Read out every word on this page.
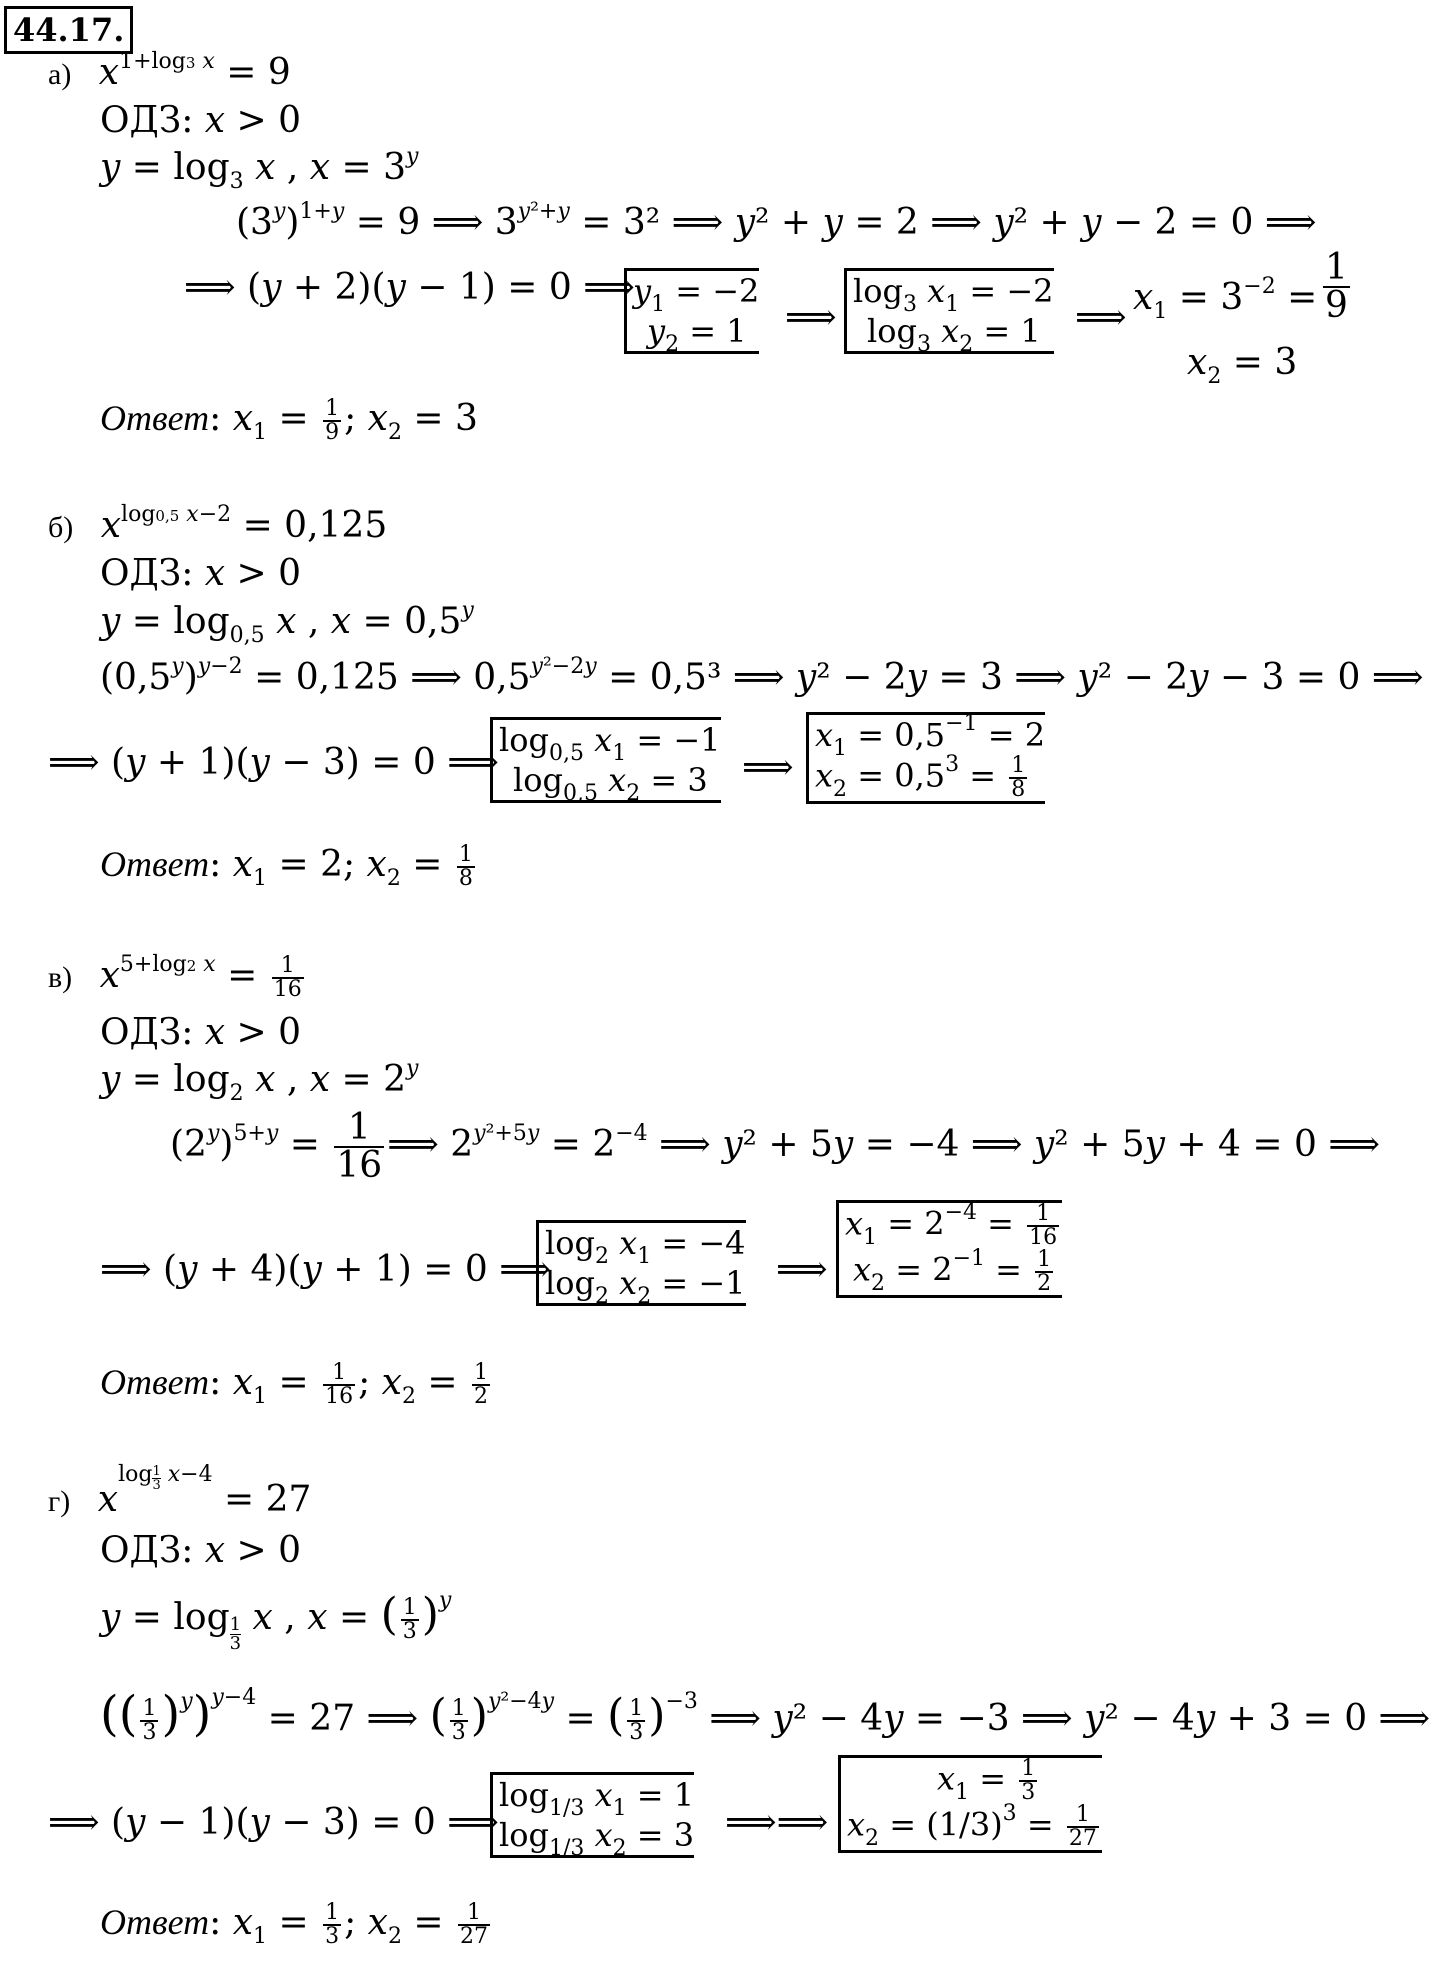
44.17.
а) $x^{1+log3 x} = 9$
ОДЗ: x > 0
$y = \log_3 x$ , $x = 3^y$
$(3^y)^{1+y} = 9$ ⟹ $3^{y^2+y} = 3^2$ ⟹ y² + y = 2 ⟹ y² + y − 2 = 0 ⟹
⟹ (y + 2)(y − 1) = 0 ⟹
$y_1 = -2$
$y_2 = 1$	⟹
$\log_3 x_1 = -2$
$\log_3 x_2 = 1$ ⟹ $x_1 = 3^{-2} = \frac{1}{9}$
$x_2 = 3$
Ответ: $x_1 = \frac{1}{9}$ ; $x_2 = 3$
б) $x^{log0,5 x-2} = 0,125$
ОДЗ: x > 0
$y = \log_{0,5} x$ , $x = 0,5^y$
$(0,5^y)^{y-2} = 0,125$ ⟹ $0,5^{y^2-2y} = 0,5^3$ ⟹ y² − 2y = 3 ⟹ y² − 2y − 3 = 0 ⟹
⟹ (y + 1)(y − 3) = 0 ⟹
$\log_{0,5} x_1 = -1$
$\log_{0,5} x_2 = 3$ ⟹
$x_1 = 0,5^{-1} = 2$
$x_2 = 0,5^3 = \frac{1}{8}$
Ответ: $x_1 = 2$; $x_2 = \frac{1}{8}$
в) $x^{5+log2 x} = \frac{1}{16}$
ОДЗ: x > 0
$y = \log_2 x$ , $x = 2^y$
$(2^y)^{5+y} = \frac{1}{16}$ ⟹ $2^{y^2+5y} = 2^{-4}$ ⟹ y² + 5y = −4 ⟹ y² + 5y + 4 = 0 ⟹
⟹ (y + 4)(y + 1) = 0 ⟹
$\log_2 x_1 = -4$
$\log_2 x_2 = -1$ ⟹
$x_1 = 2^{-4} = \frac{1}{16}$
$x_2 = 2^{-1} = \frac{1}{2}$
Ответ: $x_1 = \frac{1}{16}$ ; $x_2 = \frac{1}{2}$
г) $x^{log \frac{1}{3} x-4} = 27$
ОДЗ: x > 0
$y = \log \frac{1}{3}$ x , x = ( $\frac{1}{3} )^y$
(( $\frac{1}{3} )^y)^{y-4} = 27$ ⟹ ( $\frac{1}{3} )^{y^2-4y}$ = ( $\frac{1}{3} )^{-3}$ ⟹ y² − 4y = −3 ⟹ y² − 4y + 3 = 0 ⟹
⟹ (y − 1)(y − 3) = 0 ⟹
$\log_{1/3} x_1 = 1$
$\log_{1/3} x_2 = 3$ ⟹⟹
$x_1 = \frac{1}{3}$
$x_2 = (1/3)^3 = \frac{1}{27}$
Ответ: $x_1 = \frac{1}{3}$ ; $x_2 = \frac{1}{27}$
